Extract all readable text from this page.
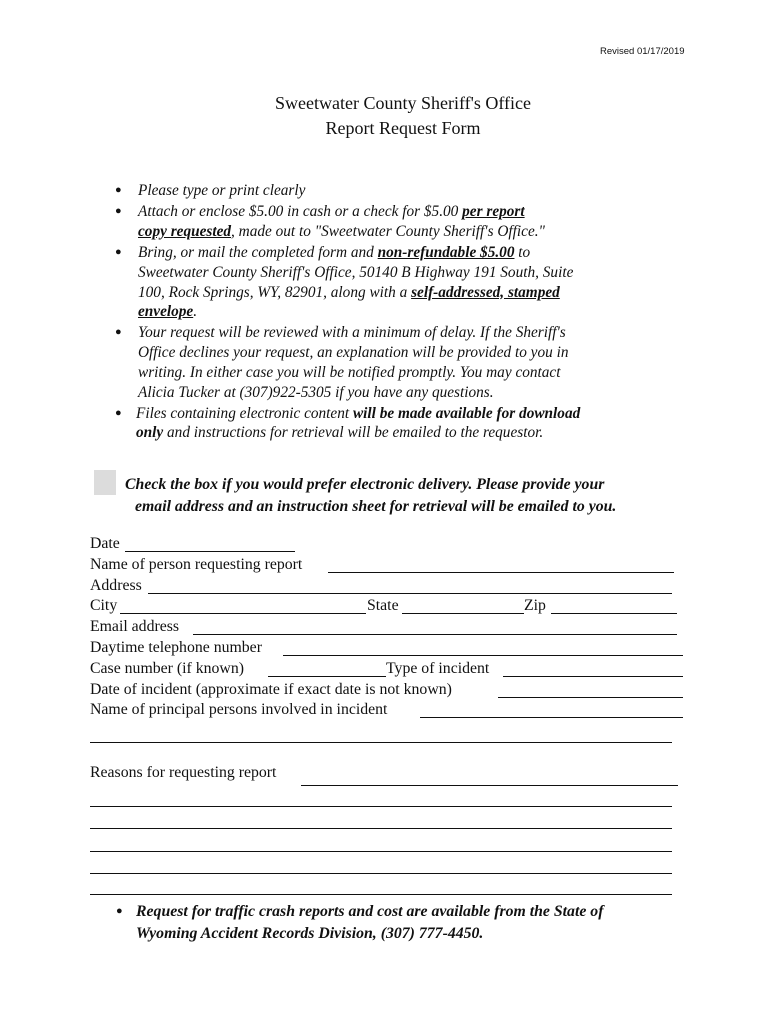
Revised 01/17/2019
Sweetwater County Sheriff's Office
Report Request Form
● Please type or print clearly
● Attach or enclose $5.00 in cash or a check for $5.00 per report
copy requested, made out to "Sweetwater County Sheriff's Office."
● Bring, or mail the completed form and non-refundable $5.00 to
Sweetwater County Sheriff's Office, 50140 B Highway 191 South, Suite
100, Rock Springs, WY, 82901, along with a self-addressed, stamped
envelope.
● Your request will be reviewed with a minimum of delay. If the Sheriff's
Office declines your request, an explanation will be provided to you in
writing. In either case you will be notified promptly. You may contact
Alicia Tucker at (307)922-5305 if you have any questions.
● Files containing electronic content will be made available for download
only and instructions for retrieval will be emailed to the requestor.
Check the box if you would prefer electronic delivery. Please provide your
email address and an instruction sheet for retrieval will be emailed to you.
Date
Name of person requesting report
Address
City	State	Zip
Email address
Daytime telephone number
Case number (if known)	Type of incident
Date of incident (approximate if exact date is not known)
Name of principal persons involved in incident
Reasons for requesting report
● Request for traffic crash reports and cost are available from the State of
Wyoming Accident Records Division, (307) 777-4450.
